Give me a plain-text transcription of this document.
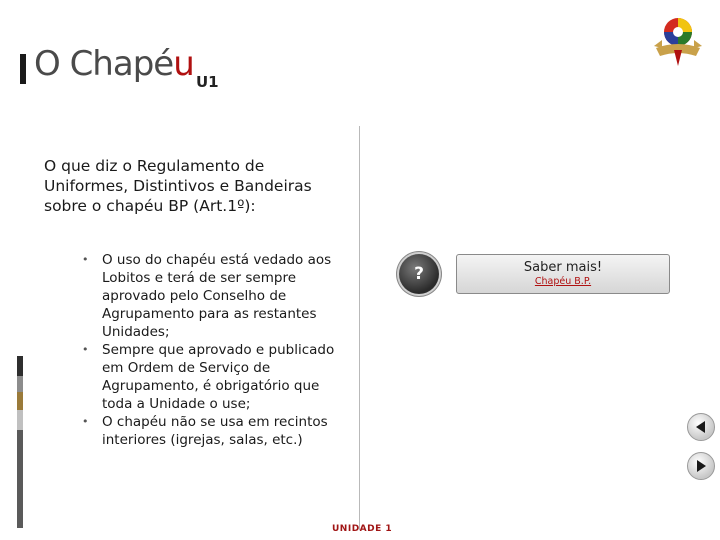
O Chapéu U1
O que diz o Regulamento de Uniformes, Distintivos e Bandeiras sobre o chapéu BP (Art.1º):
• O uso do chapéu está vedado aos Lobitos e terá de ser sempre aprovado pelo Conselho de Agrupamento para as restantes Unidades;
• Sempre que aprovado e publicado em Ordem de Serviço de Agrupamento, é obrigatório que toda a Unidade o use;
• O chapéu não se usa em recintos interiores (igrejas, salas, etc.)
?	Saber mais!
Chapéu B.P.
UNIDADE 1
